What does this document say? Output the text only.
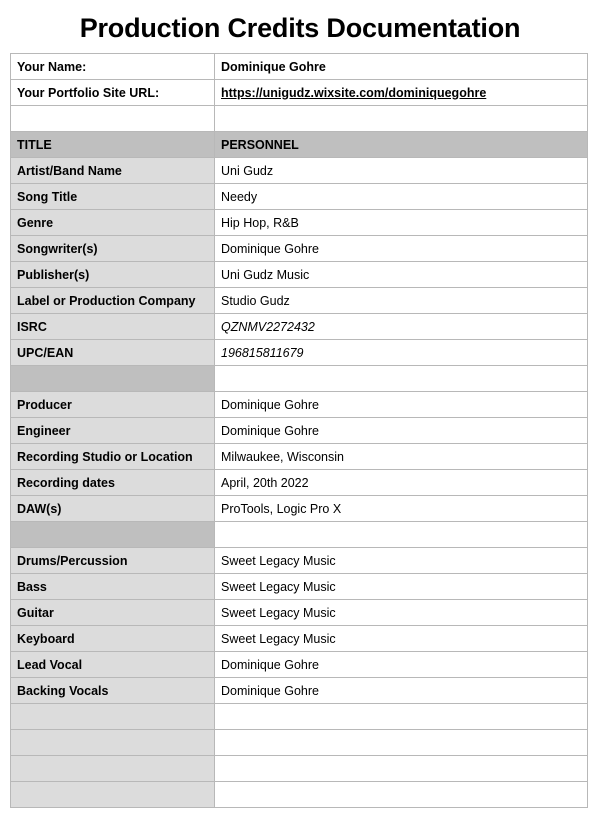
Production Credits Documentation
Your Name:	Dominique Gohre
Your Portfolio Site URL:	https://unigudz.wixsite.com/dominiquegohre

TITLE	PERSONNEL
Artist/Band Name	Uni Gudz
Song Title	Needy
Genre	Hip Hop, R&B
Songwriter(s)	Dominique Gohre
Publisher(s)	Uni Gudz Music
Label or Production Company	Studio Gudz
ISRC	QZNMV2272432
UPC/EAN	196815811679

Producer	Dominique Gohre
Engineer	Dominique Gohre
Recording Studio or Location	Milwaukee, Wisconsin
Recording dates	April, 20th 2022
DAW(s)	ProTools, Logic Pro X

Drums/Percussion	Sweet Legacy Music
Bass	Sweet Legacy Music
Guitar	Sweet Legacy Music
Keyboard	Sweet Legacy Music
Lead Vocal	Dominique Gohre
Backing Vocals	Dominique Gohre
